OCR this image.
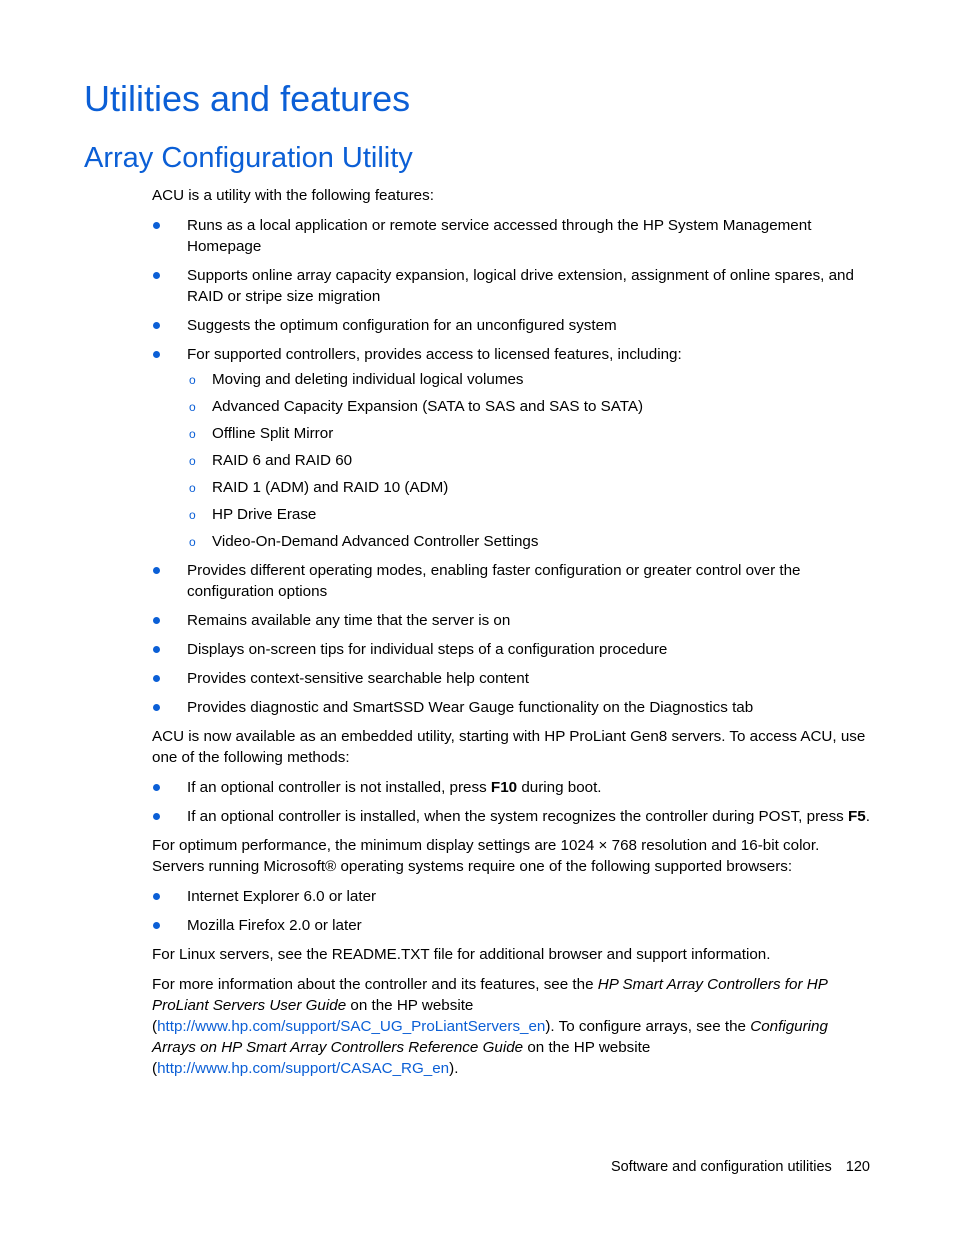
Utilities and features
Array Configuration Utility

ACU is a utility with the following features:

Runs as a local application or remote service accessed through the HP System Management Homepage
Supports online array capacity expansion, logical drive extension, assignment of online spares, and RAID or stripe size migration
Suggests the optimum configuration for an unconfigured system
For supported controllers, provides access to licensed features, including:
o Moving and deleting individual logical volumes
o Advanced Capacity Expansion (SATA to SAS and SAS to SATA)
o Offline Split Mirror
o RAID 6 and RAID 60
o RAID 1 (ADM) and RAID 10 (ADM)
o HP Drive Erase
o Video-On-Demand Advanced Controller Settings
Provides different operating modes, enabling faster configuration or greater control over the configuration options
Remains available any time that the server is on
Displays on-screen tips for individual steps of a configuration procedure
Provides context-sensitive searchable help content
Provides diagnostic and SmartSSD Wear Gauge functionality on the Diagnostics tab

ACU is now available as an embedded utility, starting with HP ProLiant Gen8 servers. To access ACU, use one of the following methods:

If an optional controller is not installed, press F10 during boot.
If an optional controller is installed, when the system recognizes the controller during POST, press F5.

For optimum performance, the minimum display settings are 1024 × 768 resolution and 16-bit color. Servers running Microsoft® operating systems require one of the following supported browsers:

Internet Explorer 6.0 or later
Mozilla Firefox 2.0 or later

For Linux servers, see the README.TXT file for additional browser and support information.

For more information about the controller and its features, see the HP Smart Array Controllers for HP ProLiant Servers User Guide on the HP website (http://www.hp.com/support/SAC_UG_ProLiantServers_en). To configure arrays, see the Configuring Arrays on HP Smart Array Controllers Reference Guide on the HP website (http://www.hp.com/support/CASAC_RG_en).

Software and configuration utilities 120
